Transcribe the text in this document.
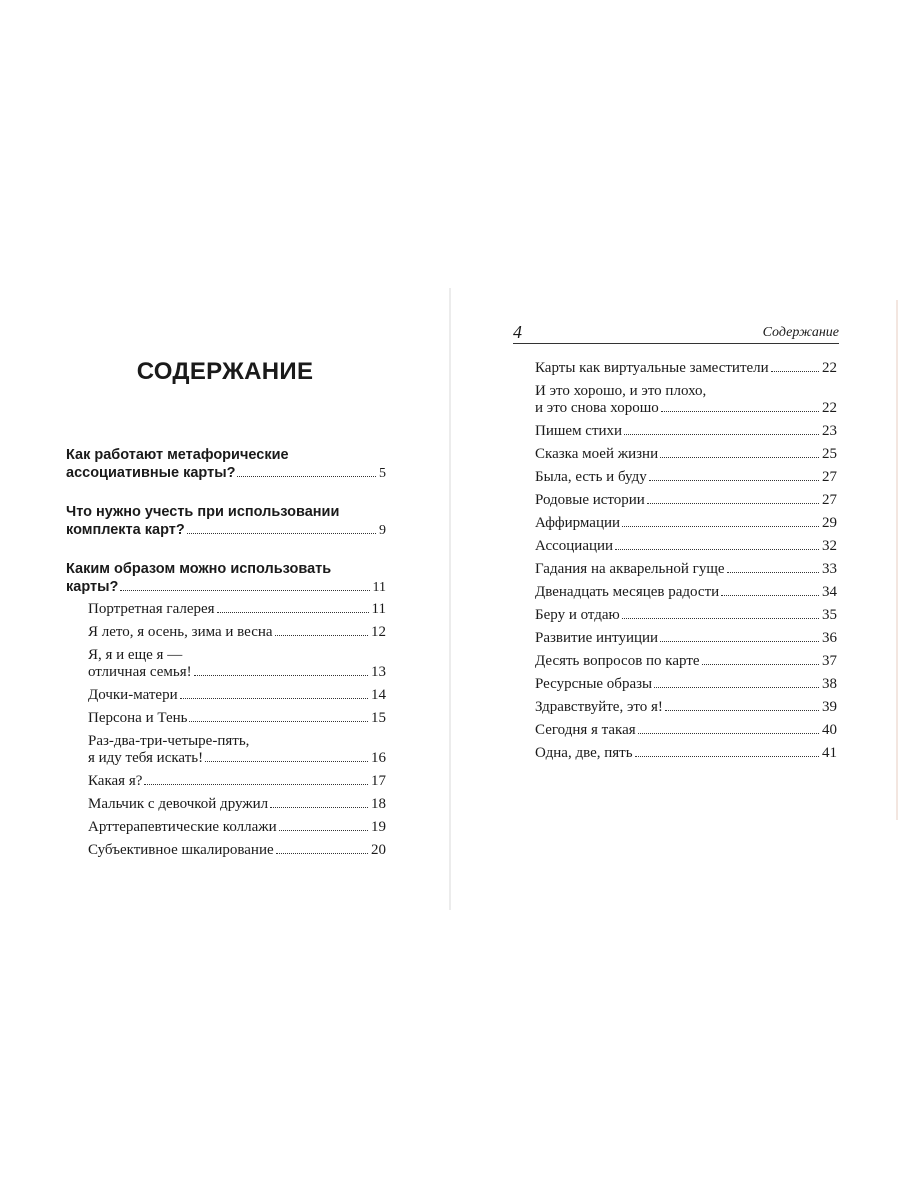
СОДЕРЖАНИЕ
Как работают метафорические
ассоциативные карты?	5
Что нужно учесть при использовании
комплекта карт?	9
Каким образом можно использовать
карты?	11
Портретная галерея	11
Я лето, я осень, зима и весна	12
Я, я и еще я —
отличная семья!	13
Дочки-матери	14
Персона и Тень	15
Раз-два-три-четыре-пять,
я иду тебя искать!	16
Какая я?	17
Мальчик с девочкой дружил	18
Арттерапевтические коллажи	19
Субъективное шкалирование	20
4	Содержание
Карты как виртуальные заместители	22
И это хорошо, и это плохо,
и это снова хорошо	22
Пишем стихи	23
Сказка моей жизни	25
Была, есть и буду	27
Родовые истории	27
Аффирмации	29
Ассоциации	32
Гадания на акварельной гуще	33
Двенадцать месяцев радости	34
Беру и отдаю	35
Развитие интуиции	36
Десять вопросов по карте	37
Ресурсные образы	38
Здравствуйте, это я!	39
Сегодня я такая	40
Одна, две, пять	41
